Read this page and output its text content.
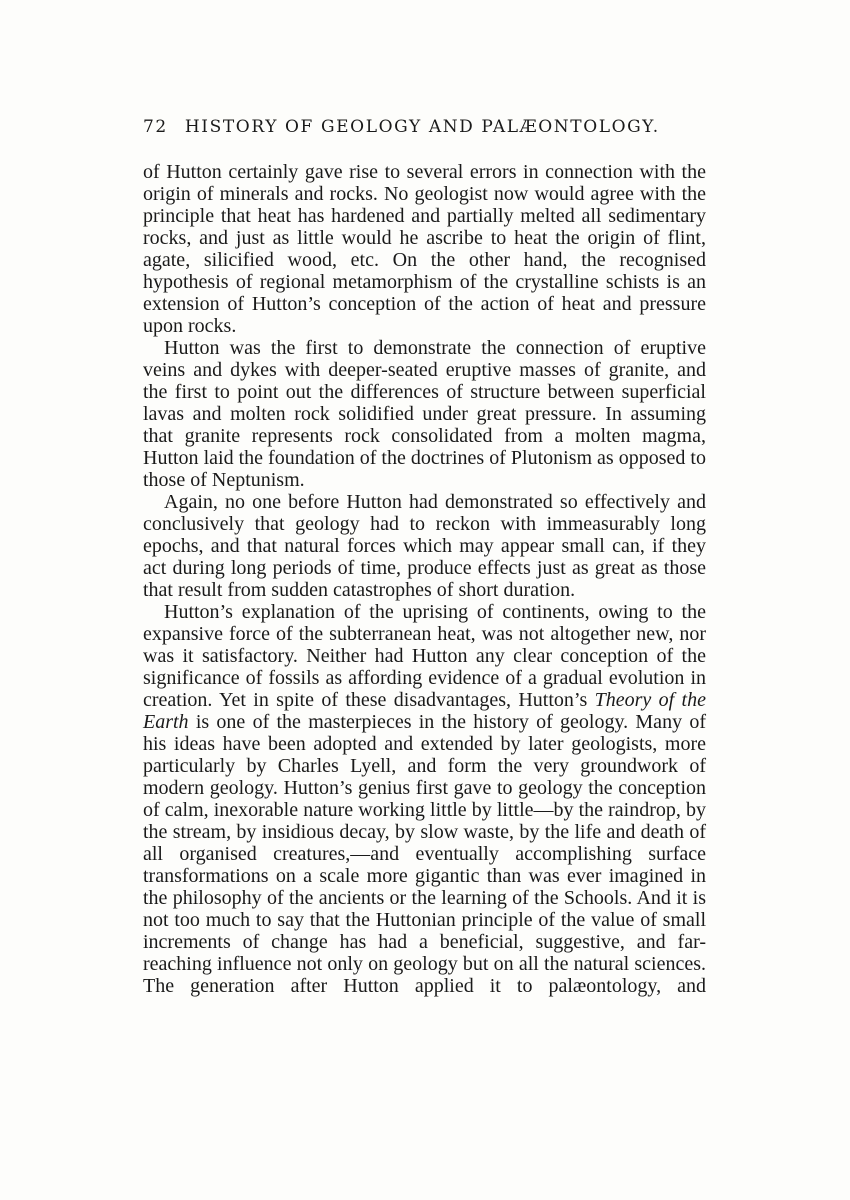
72 HISTORY OF GEOLOGY AND PALÆONTOLOGY.

of Hutton certainly gave rise to several errors in connection with the origin of minerals and rocks. No geologist now would agree with the principle that heat has hardened and partially melted all sedimentary rocks, and just as little would he ascribe to heat the origin of flint, agate, silicified wood, etc. On the other hand, the recognised hypothesis of regional metamorphism of the crystalline schists is an extension of Hutton’s conception of the action of heat and pressure upon rocks.

Hutton was the first to demonstrate the connection of eruptive veins and dykes with deeper-seated eruptive masses of granite, and the first to point out the differences of structure between superficial lavas and molten rock solidified under great pressure. In assuming that granite represents rock consolidated from a molten magma, Hutton laid the foundation of the doctrines of Plutonism as opposed to those of Neptunism.

Again, no one before Hutton had demonstrated so effectively and conclusively that geology had to reckon with immeasurably long epochs, and that natural forces which may appear small can, if they act during long periods of time, produce effects just as great as those that result from sudden catastrophes of short duration.

Hutton’s explanation of the uprising of continents, owing to the expansive force of the subterranean heat, was not altogether new, nor was it satisfactory. Neither had Hutton any clear conception of the significance of fossils as affording evidence of a gradual evolution in creation. Yet in spite of these disadvantages, Hutton’s Theory of the Earth is one of the masterpieces in the history of geology. Many of his ideas have been adopted and extended by later geologists, more particularly by Charles Lyell, and form the very groundwork of modern geology. Hutton’s genius first gave to geology the conception of calm, inexorable nature working little by little—by the raindrop, by the stream, by insidious decay, by slow waste, by the life and death of all organised creatures,—and eventually accomplishing surface transformations on a scale more gigantic than was ever imagined in the philosophy of the ancients or the learning of the Schools. And it is not too much to say that the Huttonian principle of the value of small increments of change has had a beneficial, suggestive, and far-reaching influence not only on geology but on all the natural sciences. The generation after Hutton applied it to palæontology, and
